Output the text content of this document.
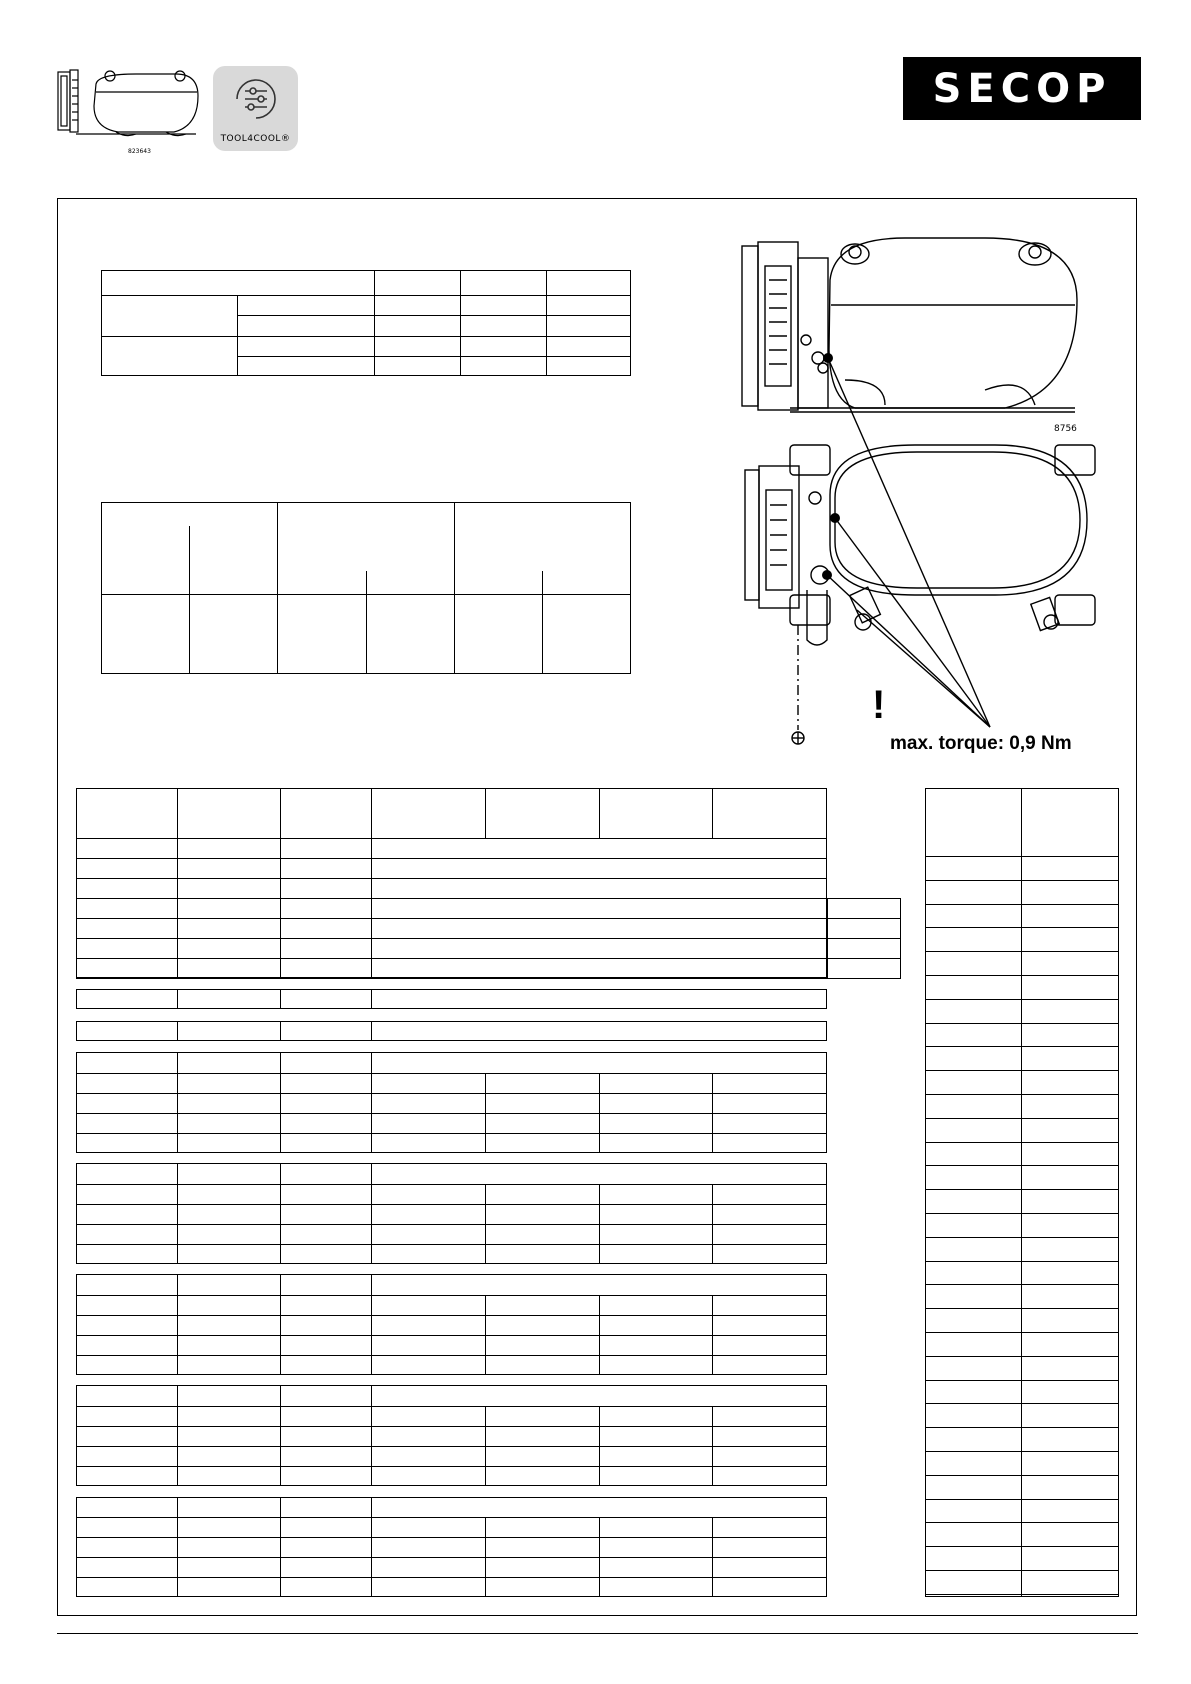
TOOL4COOL®
823643
SECOP
8756
!
max. torque: 0,9 Nm
